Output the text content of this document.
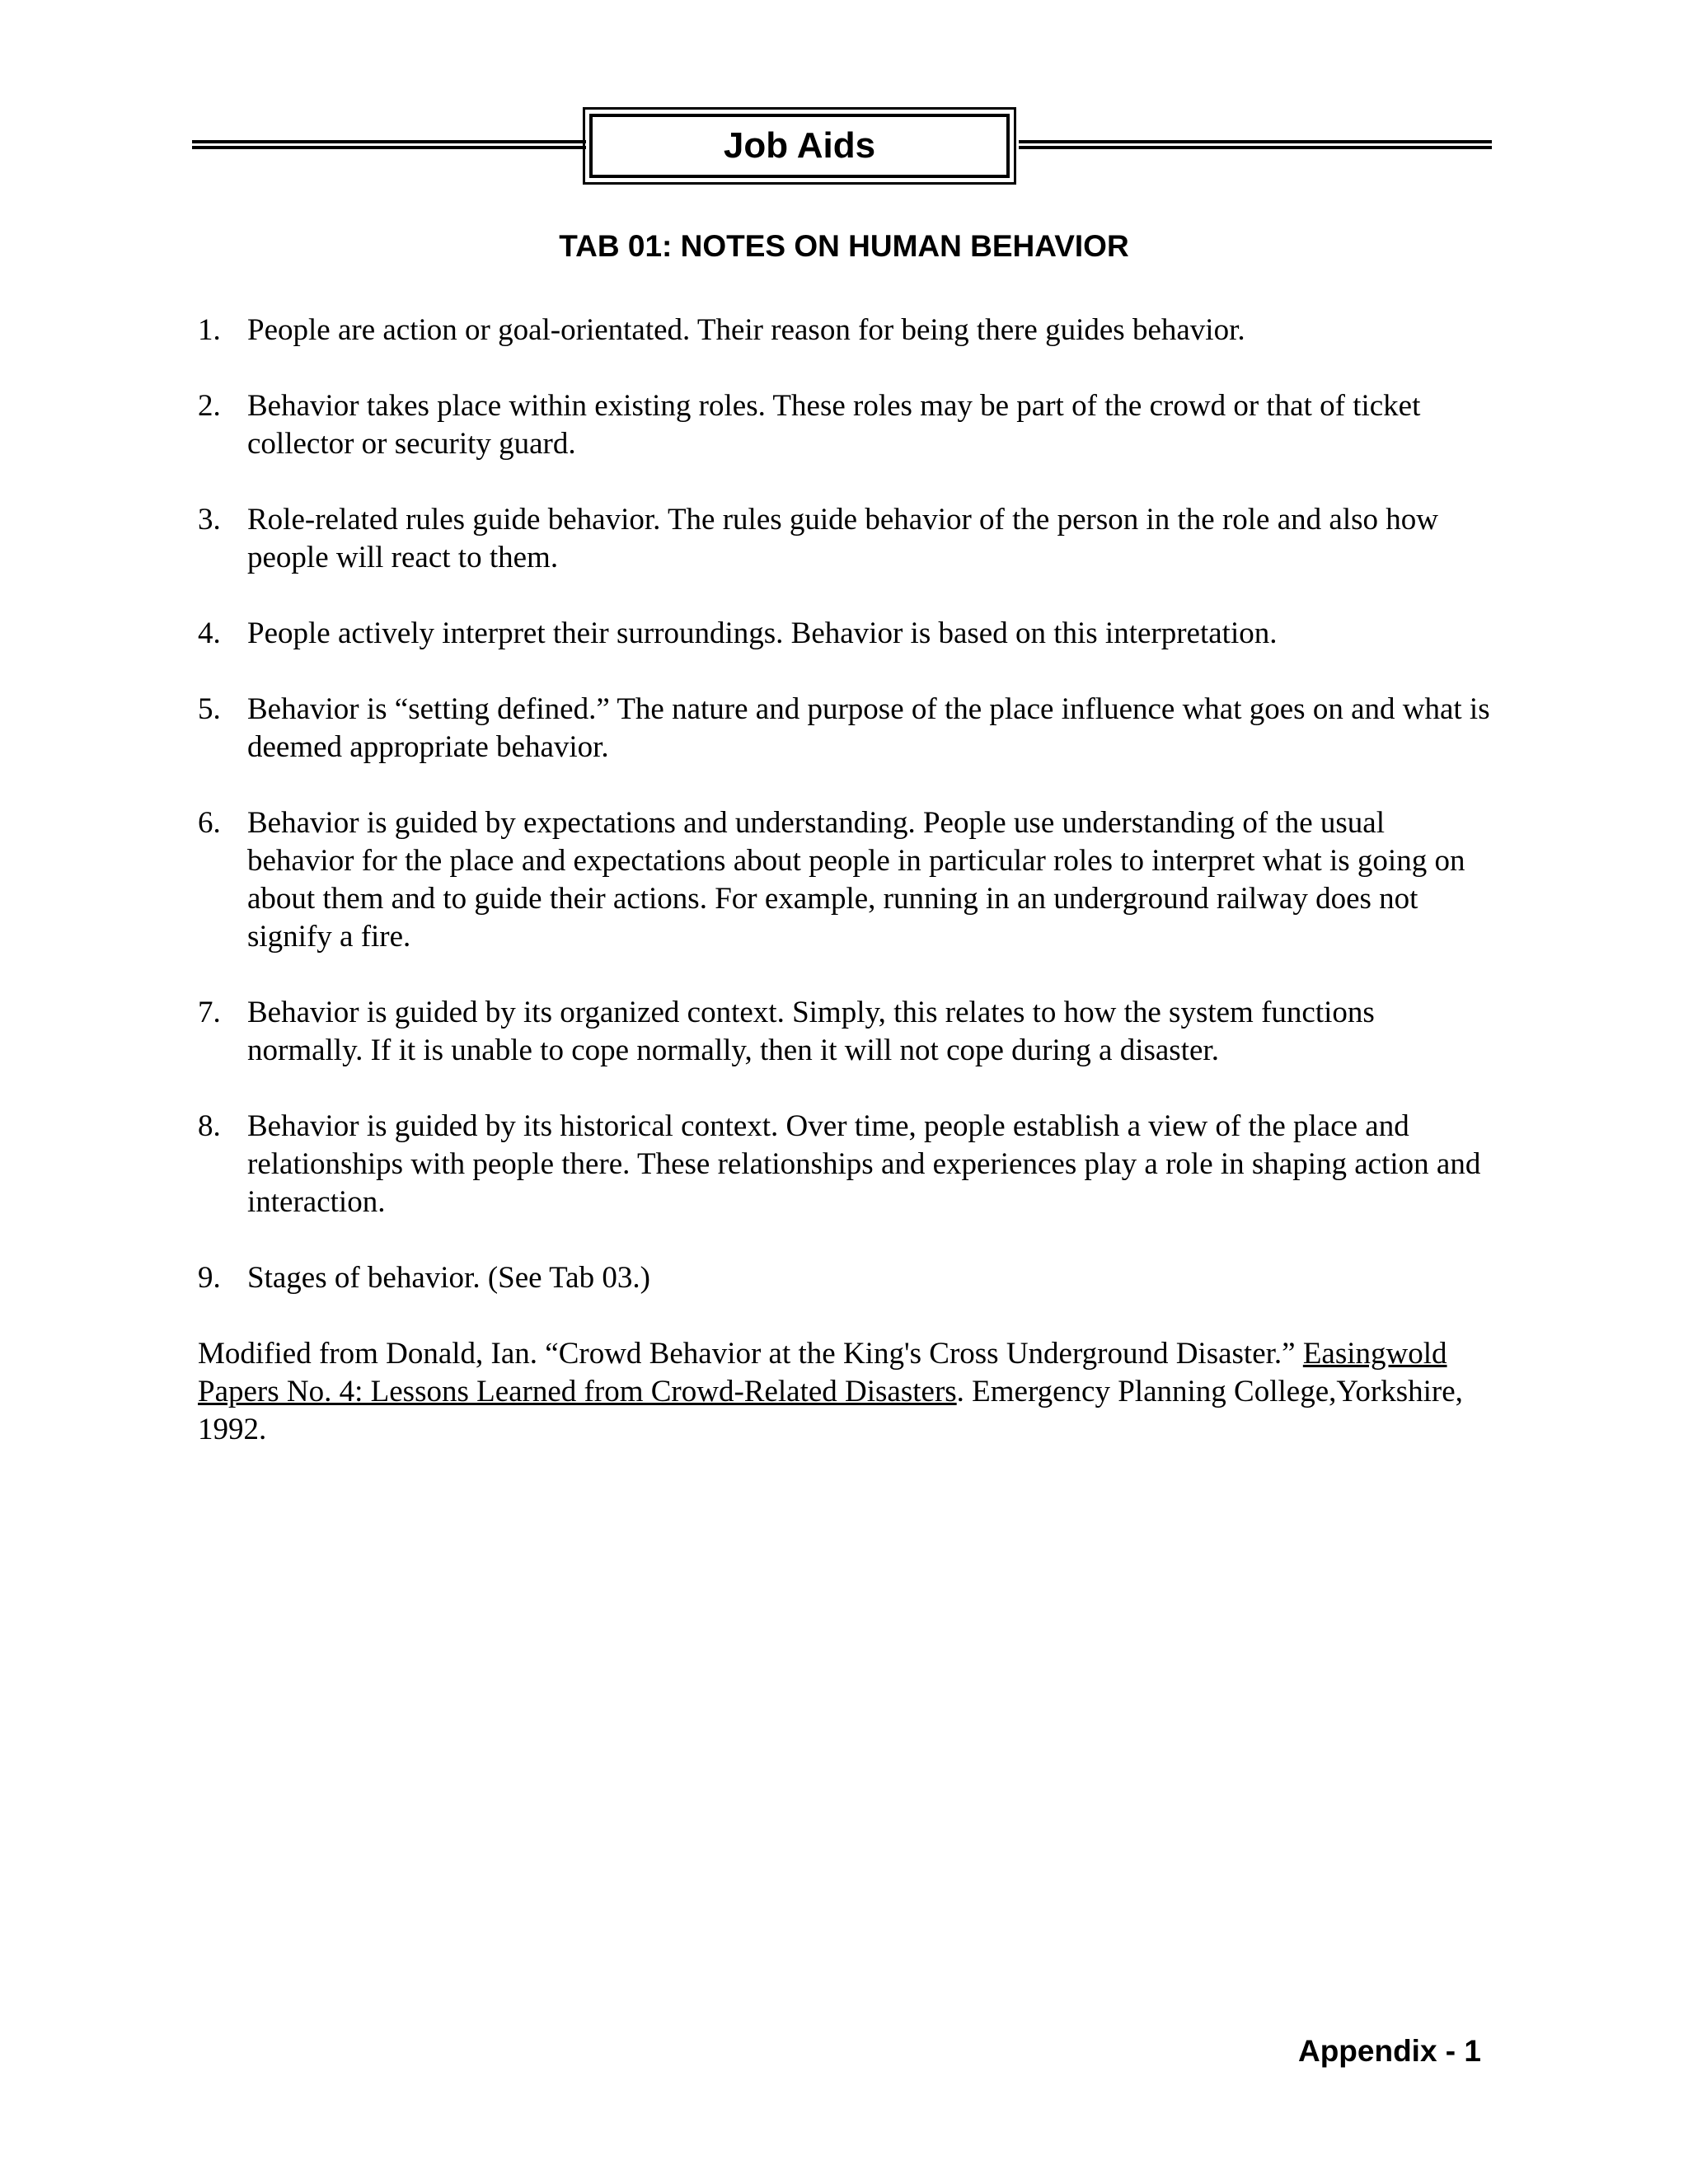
Job Aids
TAB 01: NOTES ON HUMAN BEHAVIOR
1. People are action or goal-orientated. Their reason for being there guides behavior.
2. Behavior takes place within existing roles. These roles may be part of the crowd or that of ticket collector or security guard.
3. Role-related rules guide behavior. The rules guide behavior of the person in the role and also how people will react to them.
4. People actively interpret their surroundings. Behavior is based on this interpretation.
5. Behavior is “setting defined.” The nature and purpose of the place influence what goes on and what is deemed appropriate behavior.
6. Behavior is guided by expectations and understanding. People use understanding of the usual behavior for the place and expectations about people in particular roles to interpret what is going on about them and to guide their actions. For example, running in an underground railway does not signify a fire.
7. Behavior is guided by its organized context. Simply, this relates to how the system functions normally. If it is unable to cope normally, then it will not cope during a disaster.
8. Behavior is guided by its historical context. Over time, people establish a view of the place and relationships with people there. These relationships and experiences play a role in shaping action and interaction.
9. Stages of behavior. (See Tab 03.)

Modified from Donald, Ian. “Crowd Behavior at the King's Cross Underground Disaster.” Easingwold Papers No. 4: Lessons Learned from Crowd-Related Disasters. Emergency Planning College,Yorkshire, 1992.

Appendix - 1
